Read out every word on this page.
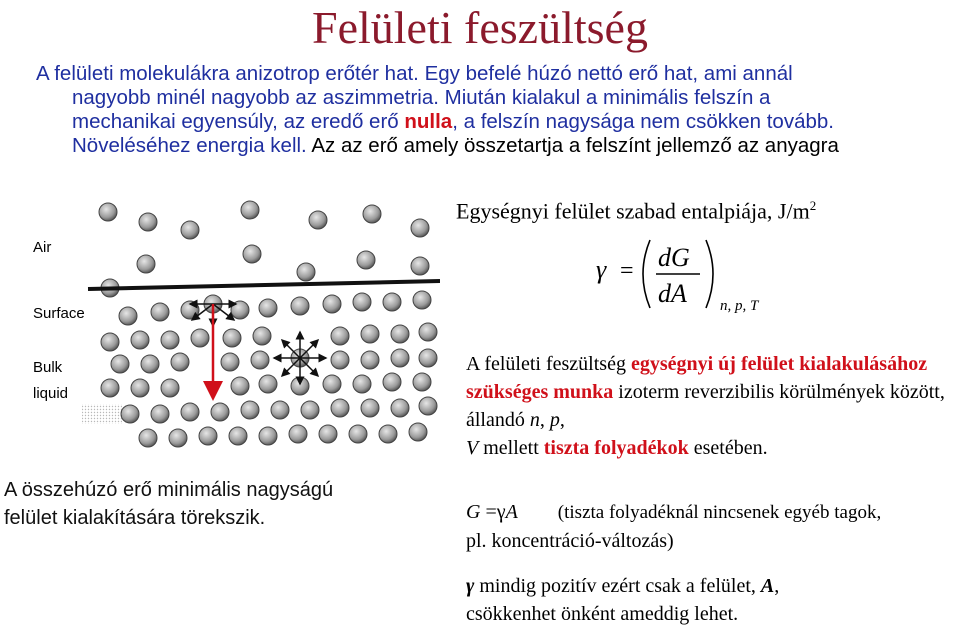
Felületi feszültség
A felületi molekulákra anizotrop erőtér hat. Egy befelé húzó nettó erő hat, ami annál
nagyobb minél nagyobb az aszimmetria. Miután kialakul a minimális felszín a
mechanikai egyensúly, az eredő erő nulla, a felszín nagysága nem csökken tovább.
Növeléséhez energia kell. Az az erő amely összetartja a felszínt jellemző az anyagra
Air
Surface
Bulk
liquid
A összehúzó erő minimális nagyságú
felület kialakítására törekszik.
Egységnyi felület szabad entalpiája, $J/m^2$
γ = dG
dA n, p, T
A felületi feszültség egységnyi új felület kialakulásához szükséges munka izoterm reverzibilis körülmények között, állandó n, p,
V mellett tiszta folyadékok esetében.
G =γA (tiszta folyadéknál nincsenek egyéb tagok,
pl. koncentráció-változás)
γ mindig pozitív ezért csak a felület, A,
csökkenhet önként ameddig lehet.
